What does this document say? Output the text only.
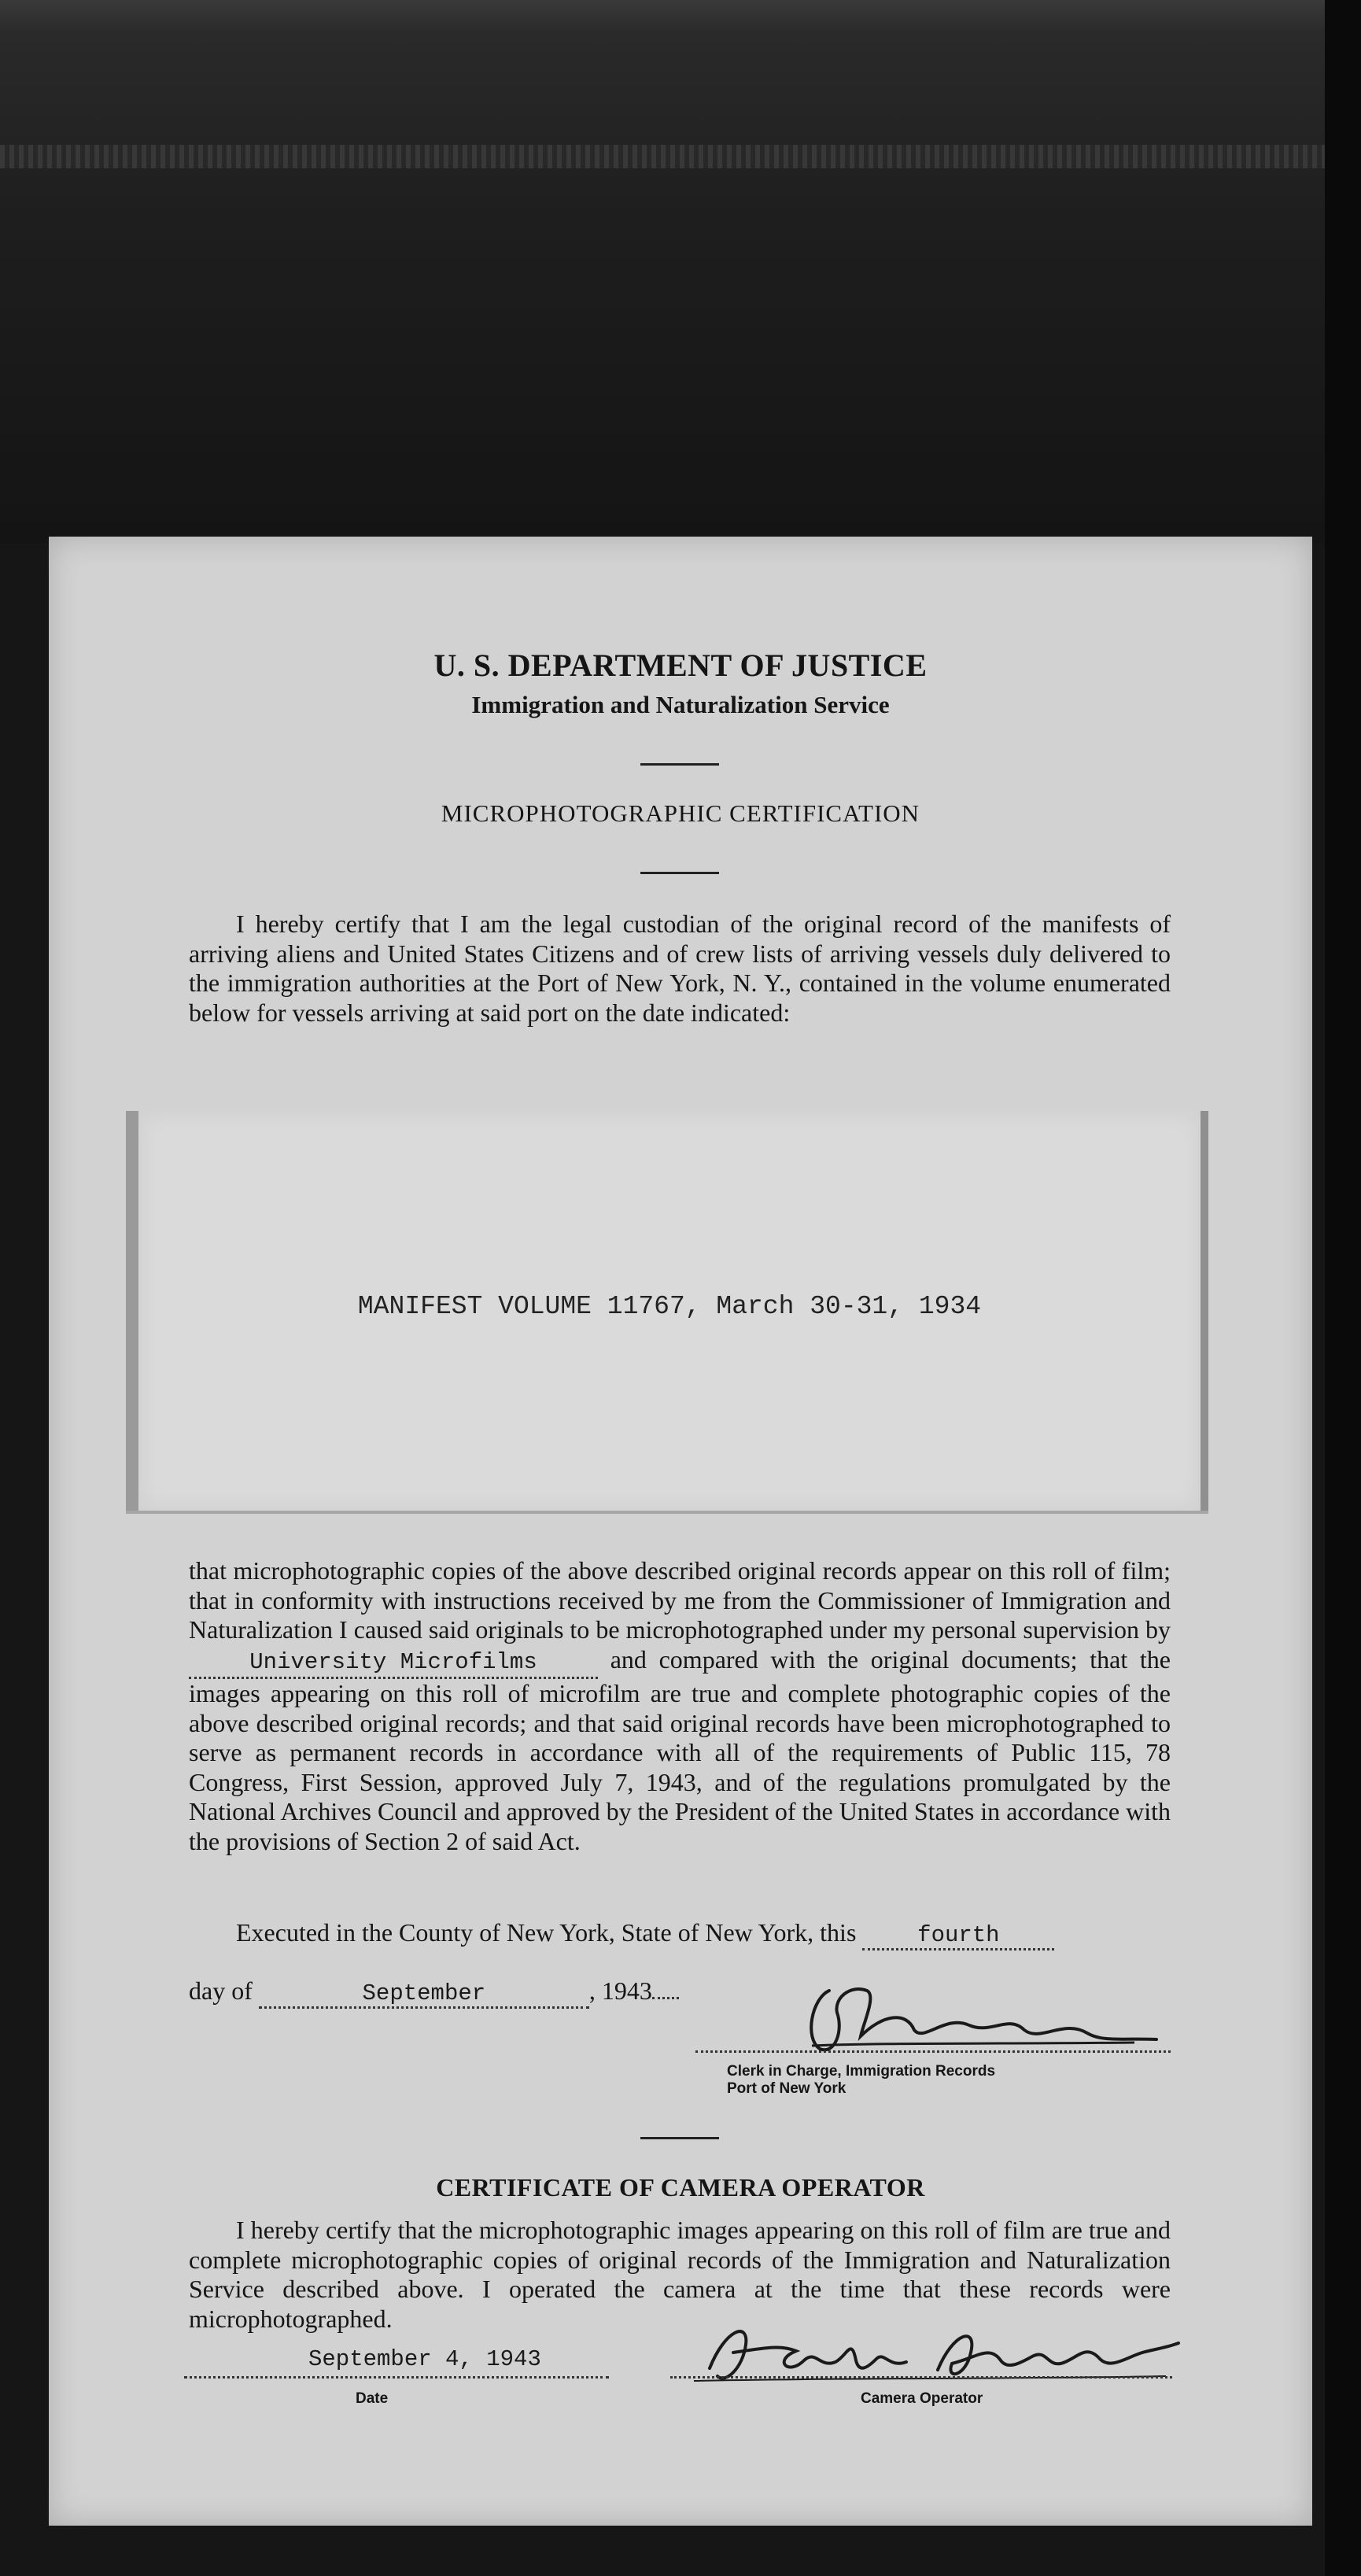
U. S. DEPARTMENT OF JUSTICE
Immigration and Naturalization Service
MICROPHOTOGRAPHIC CERTIFICATION
I hereby certify that I am the legal custodian of the original record of the manifests of arriving aliens and United States Citizens and of crew lists of arriving vessels duly delivered to the immigration authorities at the Port of New York, N. Y., contained in the volume enumerated below for vessels arriving at said port on the date indicated:
MANIFEST VOLUME 11767, March 30-31, 1934
that microphotographic copies of the above described original records appear on this roll of film; that in conformity with instructions received by me from the Commissioner of Immigration and Naturalization I caused said originals to be microphotographed under my personal supervision by University Microfilms	and compared with the original documents; that the images appearing on this roll of microfilm are true and complete photographic copies of the above described original records; and that said original records have been microphotographed to serve as permanent records in accordance with all of the requirements of Public 115, 78 Congress, First Session, approved July 7, 1943, and of the regulations promulgated by the National Archives Council and approved by the President of the United States in accordance with the provisions of Section 2 of said Act.
Executed in the County of New York, State of New York, this	fourth
day of	September	, 1943
Clerk in Charge, Immigration Records
Port of New York
CERTIFICATE OF CAMERA OPERATOR
I hereby certify that the microphotographic images appearing on this roll of film are true and complete microphotographic copies of original records of the Immigration and Naturalization Service described above. I operated the camera at the time that these records were microphotographed.
September 4, 1943
Date	Camera Operator
